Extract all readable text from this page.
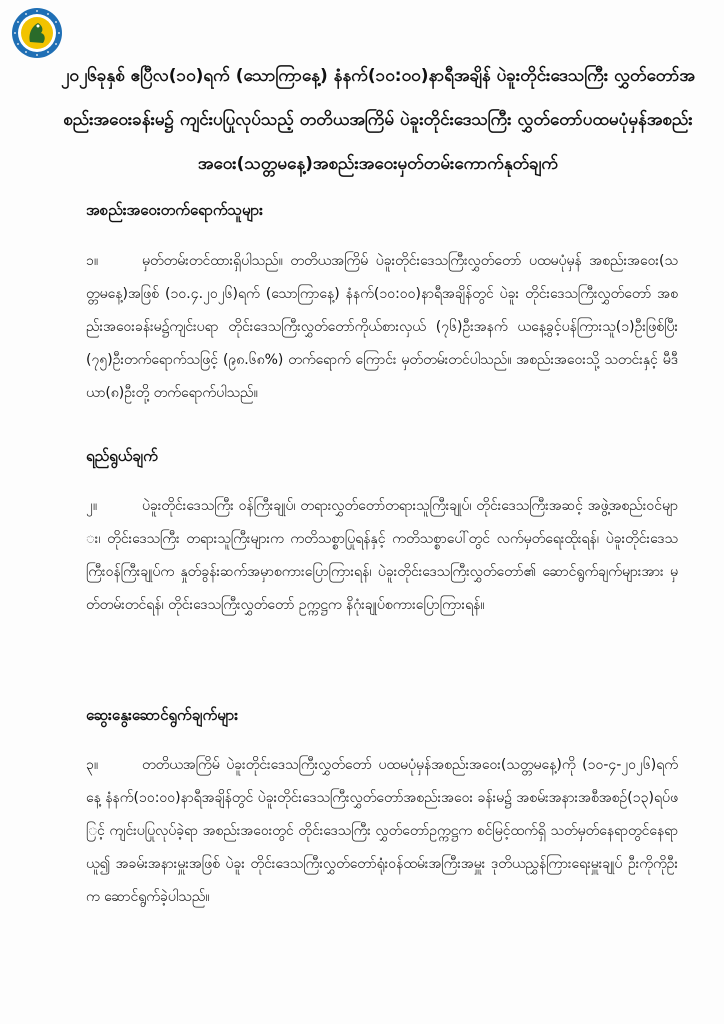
၂၀၂၆ခုနှစ် ဧပြီလ(၁၀)ရက် (သောကြာနေ့) နံနက်(၁၀:၀၀)နာရီအချိန် ပဲခူးတိုင်းဒေသကြီး လွှတ်တော်အစည်းအဝေးခန်းမ၌ ကျင်းပပြုလုပ်သည့် တတိယအကြိမ် ပဲခူးတိုင်းဒေသကြီး လွှတ်တော်ပထမပုံမှန်အစည်းအဝေး(သတ္တမနေ့)အစည်းအဝေးမှတ်တမ်းကောက်နုတ်ချက်
အစည်းအဝေးတက်ရောက်သူများ
၁။	မှတ်တမ်းတင်ထားရှိပါသည်။ တတိယအကြိမ် ပဲခူးတိုင်းဒေသကြီးလွှတ်တော် ပထမပုံမှန် အစည်းအဝေး(သတ္တမနေ့)အဖြစ် (၁၀.၄.၂၀၂၆)ရက် (သောကြာနေ့) နံနက်(၁၀:၀၀)နာရီအချိန်တွင် ပဲခူး တိုင်းဒေသကြီးလွှတ်တော် အစည်းအဝေးခန်းမ၌ကျင်းပရာ တိုင်းဒေသကြီးလွှတ်တော်ကိုယ်စားလှယ် (၇၆)ဦးအနက် ယနေ့ခွင့်ပန်ကြားသူ(၁)ဦးဖြစ်ပြီး (၇၅)ဦးတက်ရောက်သဖြင့် (၉၈.၆၈%) တက်ရောက် ကြောင်း မှတ်တမ်းတင်ပါသည်။ အစည်းအဝေးသို့ သတင်းနှင့် မီဒီယာ(၈)ဦးတို့ တက်ရောက်ပါသည်။
ရည်ရွယ်ချက်
၂။	ပဲခူးတိုင်းဒေသကြီး ဝန်ကြီးချုပ်၊ တရားလွှတ်တော်တရားသူကြီးချုပ်၊ တိုင်းဒေသကြီးအဆင့် အဖွဲ့အစည်းဝင်များ၊ တိုင်းဒေသကြီး တရားသူကြီးများက ကတိသစ္စာပြုရန်နှင့် ကတိသစ္စာပေါ်တွင် လက်မှတ်ရေးထိုးရန်၊ ပဲခူးတိုင်းဒေသကြီးဝန်ကြီးချုပ်က နှုတ်ခွန်းဆက်အမှာစကားပြောကြားရန်၊ ပဲခူးတိုင်းဒေသကြီးလွှတ်တော်၏ ဆောင်ရွက်ချက်များအား မှတ်တမ်းတင်ရန်၊ တိုင်းဒေသကြီးလွှတ်တော် ဥက္ကဋ္ဌက နိဂုံးချုပ်စကားပြောကြားရန်။
ဆွေးနွေးဆောင်ရွက်ချက်များ
၃။	တတိယအကြိမ် ပဲခူးတိုင်းဒေသကြီးလွှတ်တော် ပထမပုံမှန်အစည်းအဝေး(သတ္တမနေ့)ကို (၁၀-၄-၂၀၂၆)ရက်နေ့ နံနက်(၁၀:၀၀)နာရီအချိန်တွင် ပဲခူးတိုင်းဒေသကြီးလွှတ်တော်အစည်းအဝေး ခန်းမ၌ အစမ်းအနားအစီအစဉ်(၁၃)ရပ်ဖြင့် ကျင်းပပြုလုပ်ခဲ့ရာ အစည်းအဝေးတွင် တိုင်းဒေသကြီး လွှတ်တော်ဥက္ကဋ္ဌက စင်မြင့်ထက်ရှိ သတ်မှတ်နေရာတွင်နေရာယူ၍ အခမ်းအနားမှူးအဖြစ် ပဲခူး တိုင်းဒေသကြီးလွှတ်တော်ရုံးဝန်ထမ်းအကြီးအမှူး ဒုတိယညွှန်ကြားရေးမှူးချုပ် ဦးကိုကိုဦးက ဆောင်ရွက်ခဲ့ပါသည်။
